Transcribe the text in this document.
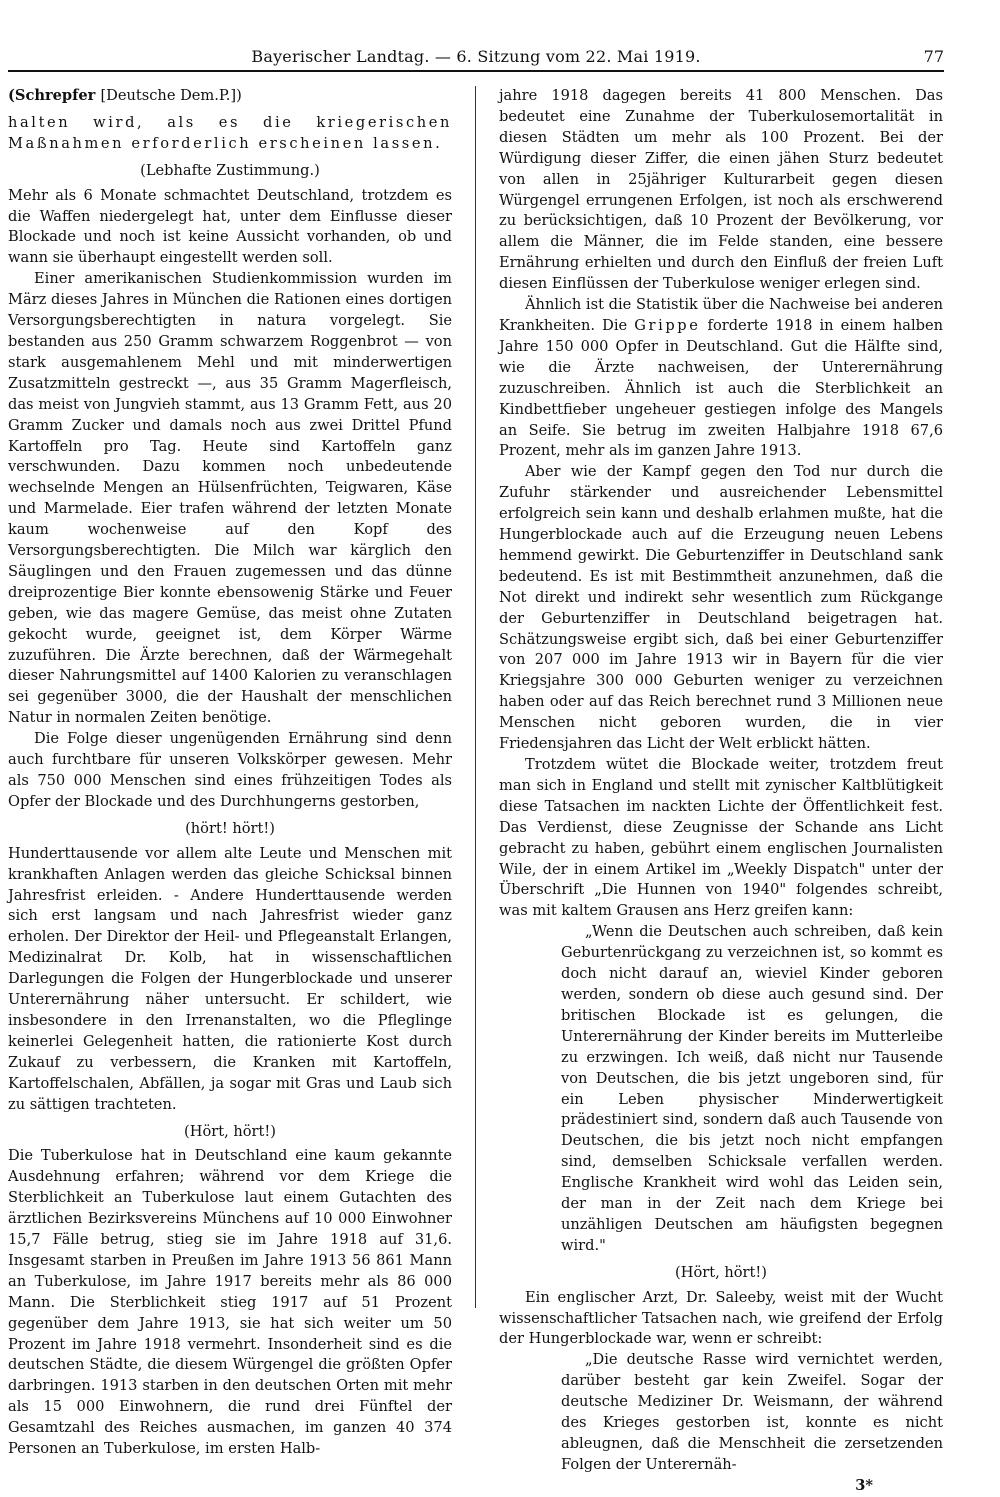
Bayerischer Landtag. — 6. Sitzung vom 22. Mai 1919.	77

(Schrepfer [Deutsche Dem.P.])

halten wird, als es die kriegerischen Maßnahmen erforderlich erscheinen lassen.

(Lebhafte Zustimmung.)

Mehr als 6 Monate schmachtet Deutschland, trotzdem es die Waffen niedergelegt hat, unter dem Einflusse dieser Blockade und noch ist keine Aussicht vorhanden, ob und wann sie überhaupt eingestellt werden soll.

Einer amerikanischen Studienkommission wurden im März dieses Jahres in München die Rationen eines dortigen Versorgungsberechtigten in natura vorgelegt. Sie bestanden aus 250 Gramm schwarzem Roggenbrot — von stark ausgemahlenem Mehl und mit minderwertigen Zusatzmitteln gestreckt —, aus 35 Gramm Magerfleisch, das meist von Jungvieh stammt, aus 13 Gramm Fett, aus 20 Gramm Zucker und damals noch aus zwei Drittel Pfund Kartoffeln pro Tag. Heute sind Kartoffeln ganz verschwunden. Dazu kommen noch unbedeutende wechselnde Mengen an Hülsenfrüchten, Teigwaren, Käse und Marmelade. Eier trafen während der letzten Monate kaum wochenweise auf den Kopf des Versorgungsberechtigten. Die Milch war kärglich den Säuglingen und den Frauen zugemessen und das dünne dreiprozentige Bier konnte ebensowenig Stärke und Feuer geben, wie das magere Gemüse, das meist ohne Zutaten gekocht wurde, geeignet ist, dem Körper Wärme zuzuführen. Die Ärzte berechnen, daß der Wärmegehalt dieser Nahrungsmittel auf 1400 Kalorien zu veranschlagen sei gegenüber 3000, die der Haushalt der menschlichen Natur in normalen Zeiten benötige.

Die Folge dieser ungenügenden Ernährung sind denn auch furchtbare für unseren Volkskörper gewesen. Mehr als 750 000 Menschen sind eines frühzeitigen Todes als Opfer der Blockade und des Durchhungerns gestorben,

(hört! hört!)

Hunderttausende vor allem alte Leute und Menschen mit krankhaften Anlagen werden das gleiche Schicksal binnen Jahresfrist erleiden. - Andere Hunderttausende werden sich erst langsam und nach Jahresfrist wieder ganz erholen. Der Direktor der Heil- und Pflegeanstalt Erlangen, Medizinalrat Dr. Kolb, hat in wissenschaftlichen Darlegungen die Folgen der Hungerblockade und unserer Unterernährung näher untersucht. Er schildert, wie insbesondere in den Irrenanstalten, wo die Pfleglinge keinerlei Gelegenheit hatten, die rationierte Kost durch Zukauf zu verbessern, die Kranken mit Kartoffeln, Kartoffelschalen, Abfällen, ja sogar mit Gras und Laub sich zu sättigen trachteten.

(Hört, hört!)

Die Tuberkulose hat in Deutschland eine kaum gekannte Ausdehnung erfahren; während vor dem Kriege die Sterblichkeit an Tuberkulose laut einem Gutachten des ärztlichen Bezirksvereins Münchens auf 10 000 Einwohner 15,7 Fälle betrug, stieg sie im Jahre 1918 auf 31,6. Insgesamt starben in Preußen im Jahre 1913 56 861 Mann an Tuberkulose, im Jahre 1917 bereits mehr als 86 000 Mann. Die Sterblichkeit stieg 1917 auf 51 Prozent gegenüber dem Jahre 1913, sie hat sich weiter um 50 Prozent im Jahre 1918 vermehrt. Insonderheit sind es die deutschen Städte, die diesem Würgengel die größten Opfer darbringen. 1913 starben in den deutschen Orten mit mehr als 15 000 Einwohnern, die rund drei Fünftel der Gesamtzahl des Reiches ausmachen, im ganzen 40 374 Personen an Tuberkulose, im ersten Halb-

jahre 1918 dagegen bereits 41 800 Menschen. Das bedeutet eine Zunahme der Tuberkulosemortalität in diesen Städten um mehr als 100 Prozent. Bei der Würdigung dieser Ziffer, die einen jähen Sturz bedeutet von allen in 25jähriger Kulturarbeit gegen diesen Würgengel errungenen Erfolgen, ist noch als erschwerend zu berücksichtigen, daß 10 Prozent der Bevölkerung, vor allem die Männer, die im Felde standen, eine bessere Ernährung erhielten und durch den Einfluß der freien Luft diesen Einflüssen der Tuberkulose weniger erlegen sind.

Ähnlich ist die Statistik über die Nachweise bei anderen Krankheiten. Die Grippe forderte 1918 in einem halben Jahre 150 000 Opfer in Deutschland. Gut die Hälfte sind, wie die Ärzte nachweisen, der Unterernährung zuzuschreiben. Ähnlich ist auch die Sterblichkeit an Kindbettfieber ungeheuer gestiegen infolge des Mangels an Seife. Sie betrug im zweiten Halbjahre 1918 67,6 Prozent, mehr als im ganzen Jahre 1913.

Aber wie der Kampf gegen den Tod nur durch die Zufuhr stärkender und ausreichender Lebensmittel erfolgreich sein kann und deshalb erlahmen mußte, hat die Hungerblockade auch auf die Erzeugung neuen Lebens hemmend gewirkt. Die Geburtenziffer in Deutschland sank bedeutend. Es ist mit Bestimmtheit anzunehmen, daß die Not direkt und indirekt sehr wesentlich zum Rückgange der Geburtenziffer in Deutschland beigetragen hat. Schätzungsweise ergibt sich, daß bei einer Geburtenziffer von 207 000 im Jahre 1913 wir in Bayern für die vier Kriegsjahre 300 000 Geburten weniger zu verzeichnen haben oder auf das Reich berechnet rund 3 Millionen neue Menschen nicht geboren wurden, die in vier Friedensjahren das Licht der Welt erblickt hätten.

Trotzdem wütet die Blockade weiter, trotzdem freut man sich in England und stellt mit zynischer Kaltblütigkeit diese Tatsachen im nackten Lichte der Öffentlichkeit fest. Das Verdienst, diese Zeugnisse der Schande ans Licht gebracht zu haben, gebührt einem englischen Journalisten Wile, der in einem Artikel im „Weekly Dispatch" unter der Überschrift „Die Hunnen von 1940" folgendes schreibt, was mit kaltem Grausen ans Herz greifen kann:

„Wenn die Deutschen auch schreiben, daß kein Geburtenrückgang zu verzeichnen ist, so kommt es doch nicht darauf an, wieviel Kinder geboren werden, sondern ob diese auch gesund sind. Der britischen Blockade ist es gelungen, die Unterernährung der Kinder bereits im Mutterleibe zu erzwingen. Ich weiß, daß nicht nur Tausende von Deutschen, die bis jetzt ungeboren sind, für ein Leben physischer Minderwertigkeit prädestiniert sind, sondern daß auch Tausende von Deutschen, die bis jetzt noch nicht empfangen sind, demselben Schicksale verfallen werden. Englische Krankheit wird wohl das Leiden sein, der man in der Zeit nach dem Kriege bei unzähligen Deutschen am häufigsten begegnen wird."

(Hört, hört!)

Ein englischer Arzt, Dr. Saleeby, weist mit der Wucht wissenschaftlicher Tatsachen nach, wie greifend der Erfolg der Hungerblockade war, wenn er schreibt:

„Die deutsche Rasse wird vernichtet werden, darüber besteht gar kein Zweifel. Sogar der deutsche Mediziner Dr. Weismann, der während des Krieges gestorben ist, konnte es nicht ableugnen, daß die Menschheit die zersetzenden Folgen der Unterernäh-

3*
